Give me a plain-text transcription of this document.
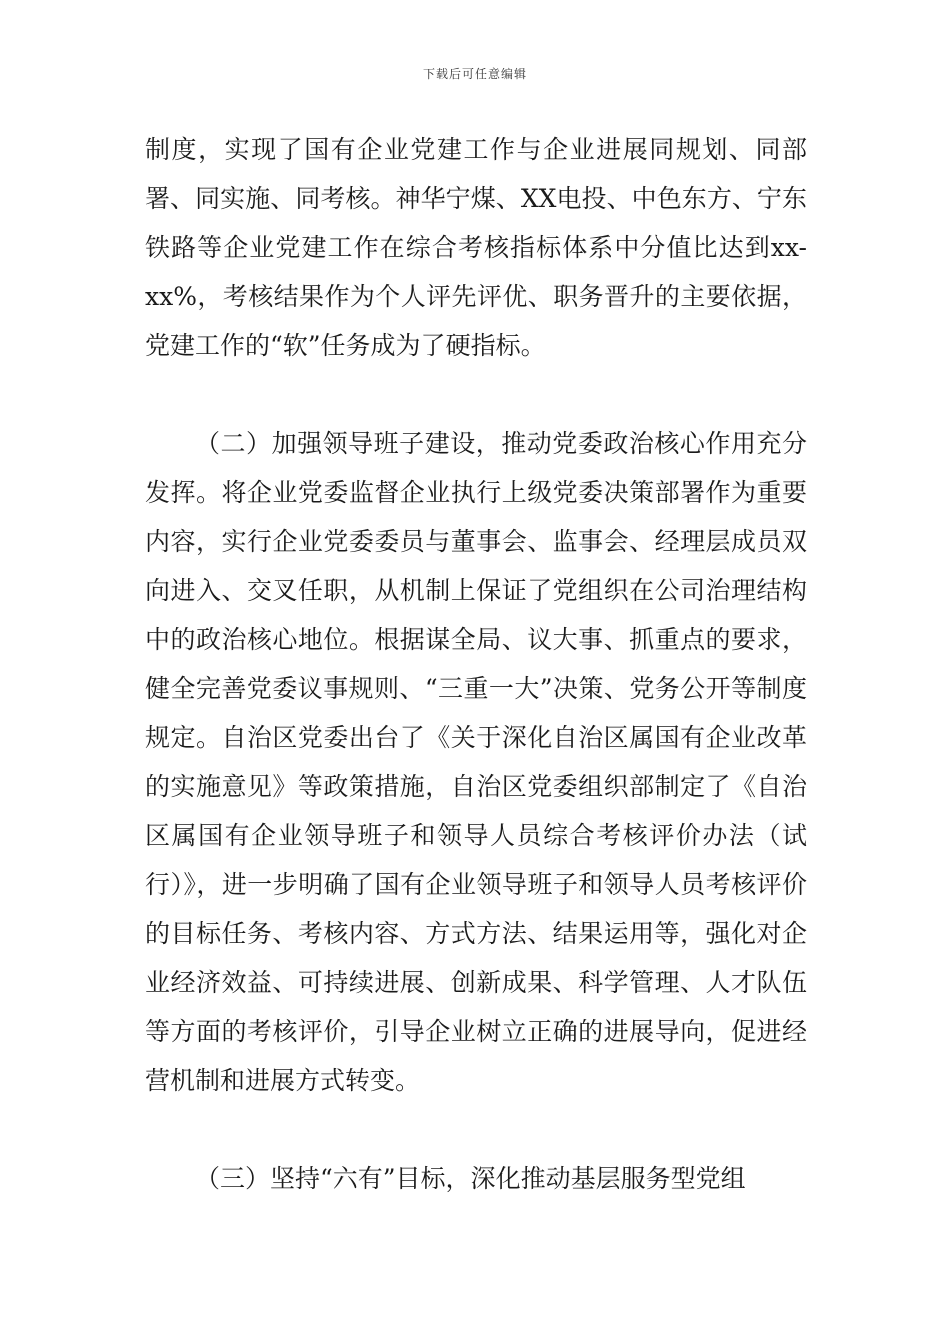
下载后可任意编辑

制度，实现了国有企业党建工作与企业进展同规划、同部署、同实施、同考核。神华宁煤、XX电投、中色东方、宁东铁路等企业党建工作在综合考核指标体系中分值比达到xx-xx%，考核结果作为个人评先评优、职务晋升的主要依据，党建工作的“软”任务成为了硬指标。

（二）加强领导班子建设，推动党委政治核心作用充分发挥。将企业党委监督企业执行上级党委决策部署作为重要内容，实行企业党委委员与董事会、监事会、经理层成员双向进入、交叉任职，从机制上保证了党组织在公司治理结构中的政治核心地位。根据谋全局、议大事、抓重点的要求，健全完善党委议事规则、“三重一大”决策、党务公开等制度规定。自治区党委出台了《关于深化自治区属国有企业改革的实施意见》等政策措施，自治区党委组织部制定了《自治区属国有企业领导班子和领导人员综合考核评价办法（试行）》，进一步明确了国有企业领导班子和领导人员考核评价的目标任务、考核内容、方式方法、结果运用等，强化对企业经济效益、可持续进展、创新成果、科学管理、人才队伍等方面的考核评价，引导企业树立正确的进展导向，促进经营机制和进展方式转变。

（三）坚持“六有”目标，深化推动基层服务型党组
